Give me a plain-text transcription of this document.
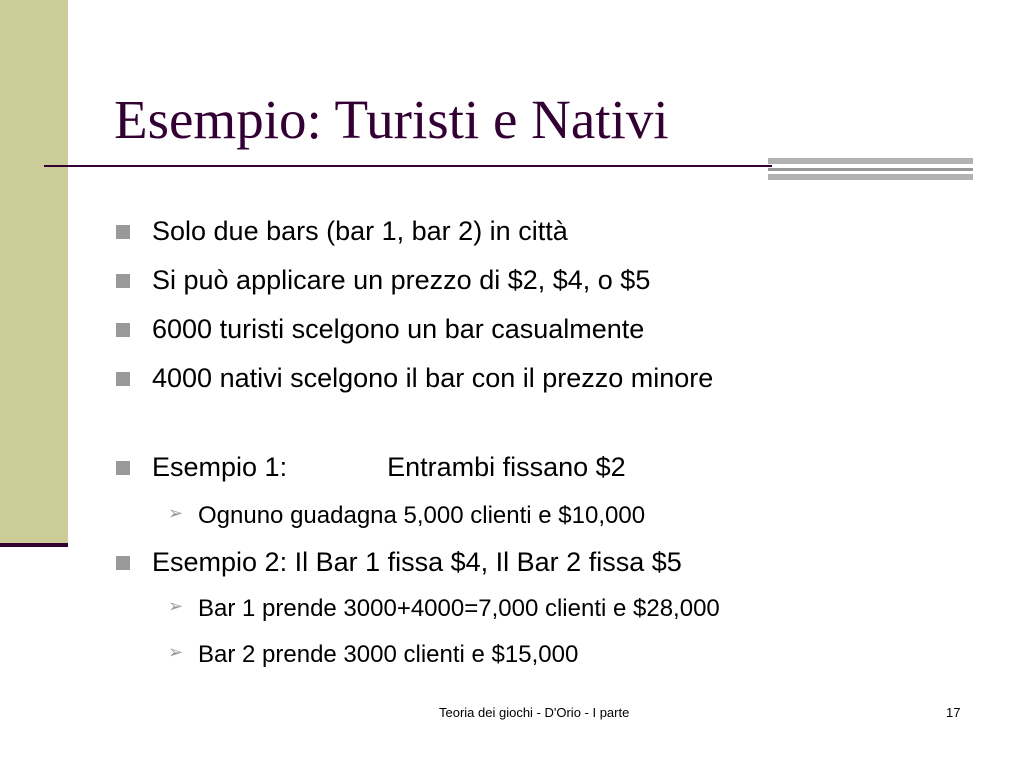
Esempio: Turisti e Nativi
Solo due bars (bar 1, bar 2) in città
Si può applicare un prezzo di $2, $4, o $5
6000 turisti scelgono un bar casualmente
4000 nativi scelgono il bar con il prezzo minore
Esempio 1:	Entrambi fissano $2
➢ Ognuno guadagna 5,000 clienti e $10,000
Esempio 2: Il Bar 1 fissa $4, Il Bar 2 fissa $5
➢ Bar 1 prende 3000+4000=7,000 clienti e $28,000
➢ Bar 2 prende 3000 clienti e $15,000
Teoria dei giochi - D'Orio - I parte	17
